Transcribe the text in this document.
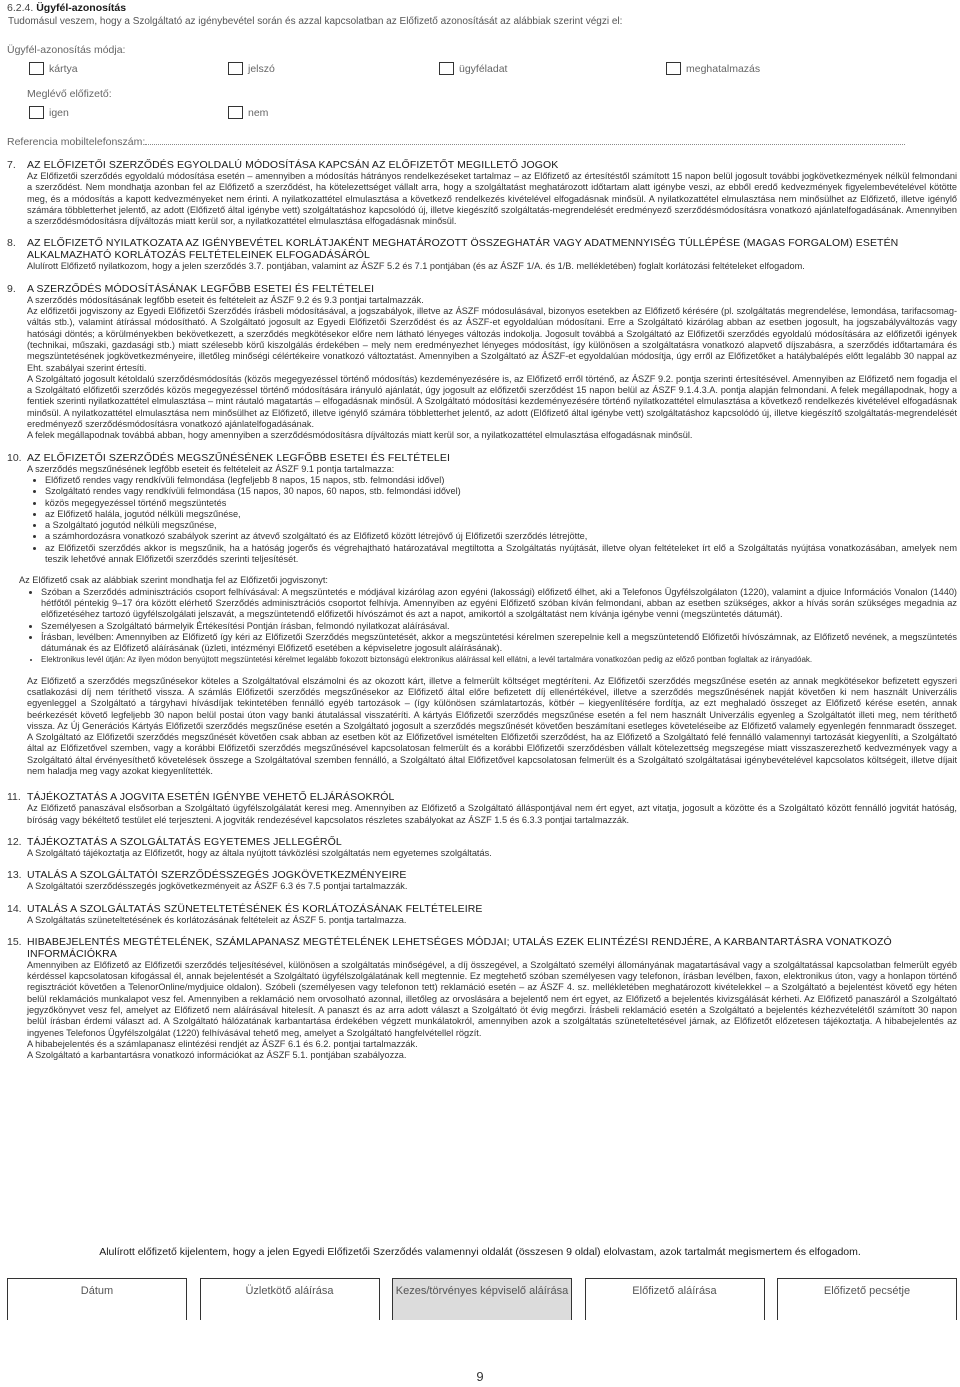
6.2.4. Ügyfél-azonosítás
Tudomásul veszem, hogy a Szolgáltató az igénybevétel során és azzal kapcsolatban az Előfizető azonosítását az alábbiak szerint végzi el:
Ügyfél-azonosítás módja:
kártya	jelszó	ügyféladat	meghatalmazás
Meglévő előfizető:
igen	nem
Referencia mobiltelefonszám:
7.	AZ ELŐFIZETŐI SZERZŐDÉS EGYOLDALÚ MÓDOSÍTÁSA KAPCSÁN AZ ELŐFIZETŐT MEGILLETŐ JOGOK

Az Előfizetői szerződés egyoldalú módosítása esetén – amennyiben a módosítás hátrányos rendelkezéseket tartalmaz – az Előfizető az értesítéstől számított 15 napon belül jogosult további jogkövetkezmények nélkül felmondani a szerződést. Nem mondhatja azonban fel az Előfizető a szerződést, ha kötelezettséget vállalt arra, hogy a szolgáltatást meghatározott időtartam alatt igénybe veszi, az ebből eredő kedvezmények figyelembevételével kötötte meg, és a módosítás a kapott kedvezményeket nem érinti. A nyilatkozattétel elmulasztása a következő rendelkezés kivételével elfogadásnak minősül. A nyilatkozattétel elmulasztása nem minősülhet az Előfizető, illetve igénylő számára többletterhet jelentő, az adott (Előfizető által igénybe vett) szolgáltatáshoz kapcsolódó új, illetve kiegészítő szolgáltatás-megrendelését eredményező szerződésmódosításra vonatkozó ajánlatelfogadásának. Amennyiben a szerződésmódosításra díjváltozás miatt kerül sor, a nyilatkozattétel elmulasztása elfogadásnak minősül.

8.	AZ ELŐFIZETŐ NYILATKOZATA AZ IGÉNYBEVÉTEL KORLÁTJAKÉNT MEGHATÁROZOTT ÖSSZEGHATÁR VAGY ADATMENNYISÉG TÚLLÉPÉSE (MAGAS FORGALOM) ESETÉN ALKALMAZHATÓ KORLÁTOZÁS FELTÉTELEINEK ELFOGADÁSÁRÓL

Alulírott Előfizető nyilatkozom, hogy a jelen szerződés 3.7. pontjában, valamint az ÁSZF 5.2 és 7.1 pontjában (és az ÁSZF 1/A. és 1/B. mellékletében) foglalt korlátozási feltételeket elfogadom.

9.	A SZERZŐDÉS MÓDOSÍTÁSÁNAK LEGFŐBB ESETEI ÉS FELTÉTELEI

A szerződés módosításának legfőbb eseteit és feltételeit az ÁSZF 9.2 és 9.3 pontjai tartalmazzák.

Az előfizetői jogviszony az Egyedi Előfizetői Szerződés írásbeli módosításával, a jogszabályok, illetve az ÁSZF módosulásával, bizonyos esetekben az Előfizető kérésére (pl. szolgáltatás megrendelése, lemondása, tarifacsomag-váltás stb.), valamint átírással módosítható. A Szolgáltató jogosult az Egyedi Előfizetői Szerződést és az ÁSZF-et egyoldalúan módosítani. Erre a Szolgáltató kizárólag abban az esetben jogosult, ha jogszabályváltozás vagy hatósági döntés; a körülményekben bekövetkezett, a szerződés megkötésekor előre nem látható lényeges változás indokolja. Jogosult továbbá a Szolgáltató az Előfizetői szerződés egyoldalú módosítására az előfizetői igények (technikai, műszaki, gazdasági stb.) miatt szélesebb körű kiszolgálás érdekében – mely nem eredményezhet lényeges módosítást, így különösen a szolgáltatásra vonatkozó alapvető díjszabásra, a szerződés időtartamára és megszüntetésének jogkövetkezményeire, illetőleg minőségi célértékeire vonatkozó változtatást. Amennyiben a Szolgáltató az ÁSZF-et egyoldalúan módosítja, úgy erről az Előfizetőket a hatálybalépés előtt legalább 30 nappal az Eht. szabályai szerint értesíti.

A Szolgáltató jogosult kétoldalú szerződésmódosítás (közös megegyezéssel történő módosítás) kezdeményezésére is, az Előfizető erről történő, az ÁSZF 9.2. pontja szerinti értesítésével. Amennyiben az Előfizető nem fogadja el a Szolgáltató előfizetői szerződés közös megegyezéssel történő módosítására irányuló ajánlatát, úgy jogosult az előfizetői szerződést 15 napon belül az ÁSZF 9.1.4.3.A. pontja alapján felmondani. A felek megállapodnak, hogy a fentiek szerinti nyilatkozattétel elmulasztása – mint ráutaló magatartás – elfogadásnak minősül. A Szolgáltató módosítási kezdeményezésére történő nyilatkozattétel elmulasztása a következő rendelkezés kivételével elfogadásnak minősül. A nyilatkozattétel elmulasztása nem minősülhet az Előfizető, illetve igénylő számára többletterhet jelentő, az adott (Előfizető által igénybe vett) szolgáltatáshoz kapcsolódó új, illetve kiegészítő szolgáltatás-megrendelését eredményező szerződésmódosításra vonatkozó ajánlatelfogadásának.

A felek megállapodnak továbbá abban, hogy amennyiben a szerződésmódosításra díjváltozás miatt kerül sor, a nyilatkozattétel elmulasztása elfogadásnak minősül.

10. AZ ELŐFIZETŐI SZERZŐDÉS MEGSZŰNÉSÉNEK LEGFŐBB ESETEI ÉS FELTÉTELEI

A szerződés megszűnésének legfőbb eseteit és feltételeit az ÁSZF 9.1 pontja tartalmazza:

• Előfizető rendes vagy rendkívüli felmondása (legfeljebb 8 napos, 15 napos, stb. felmondási idővel)
• Szolgáltató rendes vagy rendkívüli felmondása (15 napos, 30 napos, 60 napos, stb. felmondási idővel)
• közös megegyezéssel történő megszüntetés
• az Előfizető halála, jogutód nélküli megszűnése,
• a Szolgáltató jogutód nélküli megszűnése,
• a számhordozásra vonatkozó szabályok szerint az átvevő szolgáltató és az Előfizető között létrejövő új Előfizetői szerződés létrejötte,
• az Előfizetői szerződés akkor is megszűnik, ha a hatóság jogerős és végrehajtható határozatával megtiltotta a Szolgáltatás nyújtását, illetve olyan feltételeket írt elő a Szolgáltatás nyújtása vonatkozásában, amelyek nem teszik lehetővé annak Előfizetői szerződés szerinti teljesítését.

Az Előfizető csak az alábbiak szerint mondhatja fel az Előfizetői jogviszonyt:

• Szóban a Szerződés adminisztrációs csoport felhívásával: A megszüntetés e módjával kizárólag azon egyéni (lakossági) előfizető élhet, aki a Telefonos Ügyfélszolgálaton (1220), valamint a djuice Információs Vonalon (1440) hétfőtől péntekig 9–17 óra között elérhető Szerződés adminisztrációs csoportot felhívja. Amennyiben az egyéni Előfizető szóban kíván felmondani, abban az esetben szükséges, akkor a hívás során szükséges megadnia az előfizetéséhez tartozó ügyfélszolgálati jelszavát, a megszüntetendő előfizetői hívószámot és azt a napot, amikortól a szolgáltatást nem kívánja igénybe venni (megszüntetés dátumát).
• Személyesen a Szolgáltató bármelyik Értékesítési Pontján írásban, felmondó nyilatkozat aláírásával.
• Írásban, levélben: Amennyiben az Előfizető így kéri az Előfizetői Szerződés megszüntetését, akkor a megszüntetési kérelmen szerepelnie kell a megszüntetendő Előfizetői hívószámnak, az Előfizető nevének, a megszüntetés dátumának és az Előfizető aláírásának (üzleti, intézményi Előfizető esetében a képviseletre jogosult aláírásának).
• Elektronikus levél útján: Az ilyen módon benyújtott megszüntetési kérelmet legalább fokozott biztonságú elektronikus aláírással kell ellátni, a levél tartalmára vonatkozóan pedig az előző pontban foglaltak az irányadóak.

Az Előfizető a szerződés megszűnésekor köteles a Szolgáltatóval elszámolni és az okozott kárt, illetve a felmerült költséget megtéríteni. Az Előfizetői szerződés megszűnése esetén az annak megkötésekor befizetett egyszeri csatlakozási díj nem téríthető vissza. A számlás Előfizetői szerződés megszűnésekor az Előfizető által előre befizetett díj ellenértékével, illetve a szerződés megszűnésének napját követően ki nem használt Univerzális egyenleggel a Szolgáltató a tárgyhavi hívásdíjak tekintetében fennálló egyéb tartozások – (így különösen számlatartozás, kötbér – kiegyenlítésére fordítja, az ezt meghaladó összeget az Előfizető kérése esetén, annak beérkezését követő legfeljebb 30 napon belül postai úton vagy banki átutalással visszatéríti. A kártyás Előfizetői szerződés megszűnése esetén a fel nem használt Univerzális egyenleg a Szolgáltatót illeti meg, nem téríthető vissza. Az Új Generációs Kártyás Előfizetői szerződés megszűnése esetén a Szolgáltató jogosult a szerződés megszűnését követően beszámítani esetleges követeléseibe az Előfizető valamely egyenlegén fennmaradt összeget. A Szolgáltató az Előfizetői szerződés megszűnését követően csak abban az esetben köt az Előfizetővel ismételten Előfizetői szerződést, ha az Előfizető a Szolgáltató felé fennálló valamennyi tartozását kiegyenlíti, a Szolgáltató által az Előfizetővel szemben, vagy a korábbi Előfizetői szerződés megszűnésével kapcsolatosan felmerült és a korábbi Előfizetői szerződésben vállalt kötelezettség megszegése miatt visszaszerezhető kedvezmények vagy a Szolgáltató által érvényesíthető követelések összege a Szolgáltatóval szemben fennálló, a Szolgáltató által Előfizetővel kapcsolatosan felmerült és a Szolgáltató szolgáltatásai igénybevételével kapcsolatos költségeit, illetve díjait nem haladja meg vagy azokat kiegyenlítették.

11. TÁJÉKOZTATÁS A JOGVITA ESETÉN IGÉNYBE VEHETŐ ELJÁRÁSOKRÓL

Az Előfizető panaszával elsősorban a Szolgáltató ügyfélszolgálatát keresi meg. Amennyiben az Előfizető a Szolgáltató álláspontjával nem ért egyet, azt vitatja, jogosult a közötte és a Szolgáltató között fennálló jogvitát hatóság, bíróság vagy békéltető testület elé terjeszteni. A jogviták rendezésével kapcsolatos részletes szabályokat az ÁSZF 1.5 és 6.3.3 pontjai tartalmazzák.

12. TÁJÉKOZTATÁS A SZOLGÁLTATÁS EGYETEMES JELLEGÉRŐL

A Szolgáltató tájékoztatja az Előfizetőt, hogy az általa nyújtott távközlési szolgáltatás nem egyetemes szolgáltatás.

13. UTALÁS A SZOLGÁLTATÓI SZERZŐDÉSSZEGÉS JOGKÖVETKEZMÉNYEIRE

A Szolgáltatói szerződésszegés jogkövetkezményeit az ÁSZF 6.3 és 7.5 pontjai tartalmazzák.

14. UTALÁS A SZOLGÁLTATÁS SZÜNETELTETÉSÉNEK ÉS KORLÁTOZÁSÁNAK FELTÉTELEIRE

A Szolgáltatás szüneteltetésének és korlátozásának feltételeit az ÁSZF 5. pontja tartalmazza.

15. HIBABEJELENTÉS MEGTÉTELÉNEK, SZÁMLAPANASZ MEGTÉTELÉNEK LEHETSÉGES MÓDJAI; UTALÁS EZEK ELINTÉZÉSI RENDJÉRE, A KARBANTARTÁSRA VONATKOZÓ INFORMÁCIÓKRA

Amennyiben az Előfizető az Előfizetői szerződés teljesítésével, különösen a szolgáltatás minőségével, a díj összegével, a Szolgáltató személyi állományának magatartásával vagy a szolgáltatással kapcsolatban felmerült egyéb kérdéssel kapcsolatosan kifogással él, annak bejelentését a Szolgáltató ügyfélszolgálatának kell megtennie. Ez megtehető szóban személyesen vagy telefonon, írásban levélben, faxon, elektronikus úton, vagy a honlapon történő regisztrációt követően a TelenorOnline/mydjuice oldalon). Szóbeli (személyesen vagy telefonon tett) reklamáció esetén – az ÁSZF 4. sz. mellékletében meghatározott kivételekkel – a Szolgáltató a bejelentést követő egy héten belül reklamációs munkalapot vesz fel. Amennyiben a reklamáció nem orvosolható azonnal, illetőleg az orvoslására a bejelentő nem ért egyet, az Előfizető a bejelentés kivizsgálását kérheti. Az Előfizető panaszáról a Szolgáltató jegyzőkönyvet vesz fel, amelyet az Előfizető nem aláírásával hitelesít. A panaszt és az arra adott választ a Szolgáltató öt évig megőrzi. Írásbeli reklamáció esetén a Szolgáltató a bejelentés kézhezvételétől számított 30 napon belül írásban érdemi választ ad. A Szolgáltató hálózatának karbantartása érdekében végzett munkálatokról, amennyiben azok a szolgáltatás szüneteltetésével járnak, az Előfizetőt előzetesen tájékoztatja. A hibabejelentés az ingyenes Telefonos Ügyfélszolgálat (1220) felhívásával tehető meg, amelyet a Szolgáltató hangfelvétellel rögzít.

A hibabejelentés és a számlapanasz elintézési rendjét az ÁSZF 6.1 és 6.2. pontjai tartalmazzák.

A Szolgáltató a karbantartásra vonatkozó információkat az ÁSZF 5.1. pontjában szabályozza.

Alulírott előfizető kijelentem, hogy a jelen Egyedi Előfizetői Szerződés valamennyi oldalát (összesen 9 oldal) elolvastam, azok tartalmát megismertem és elfogadom.
Dátum	Üzletkötő aláírása	Kezes/törvényes képviselő aláírása	Előfizető aláírása	Előfizető pecsétje
9
